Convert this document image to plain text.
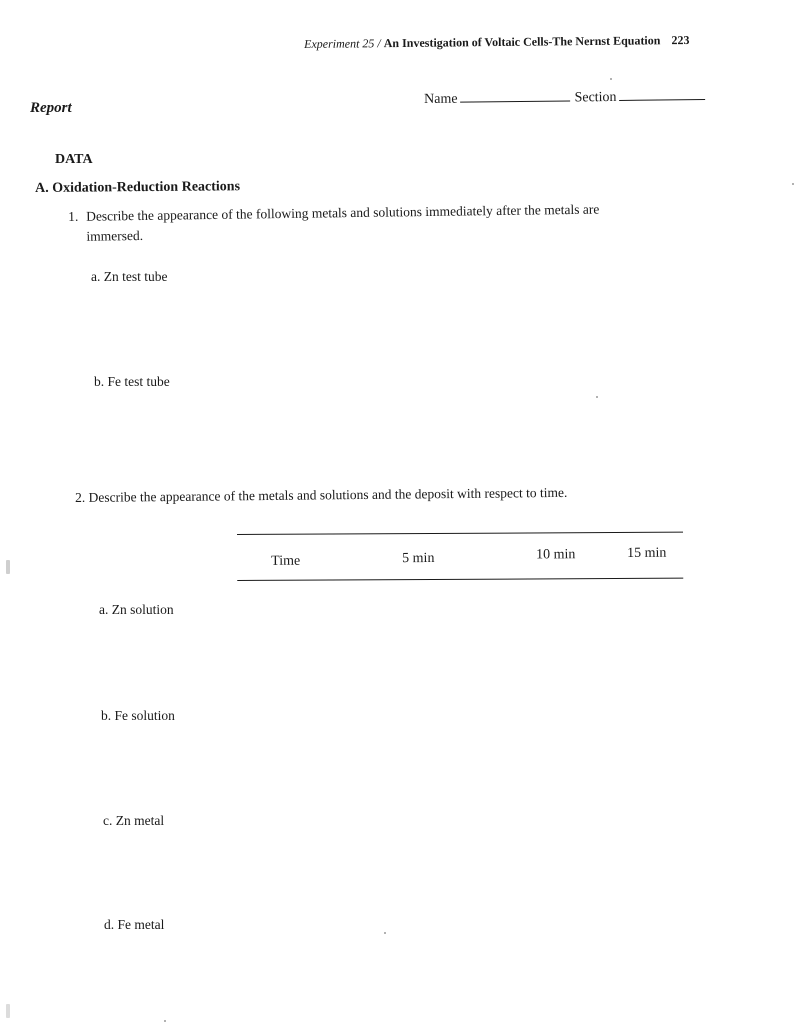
Experiment 25 / An Investigation of Voltaic Cells-The Nernst Equation 223
Report
Name	Section
DATA
A. Oxidation-Reduction Reactions
1. Describe the appearance of the following metals and solutions immediately after the metals are
immersed.
a. Zn test tube
b. Fe test tube
2. Describe the appearance of the metals and solutions and the deposit with respect to time.
Time	5 min	10 min	15 min
a. Zn solution
b. Fe solution
c. Zn metal
d. Fe metal
